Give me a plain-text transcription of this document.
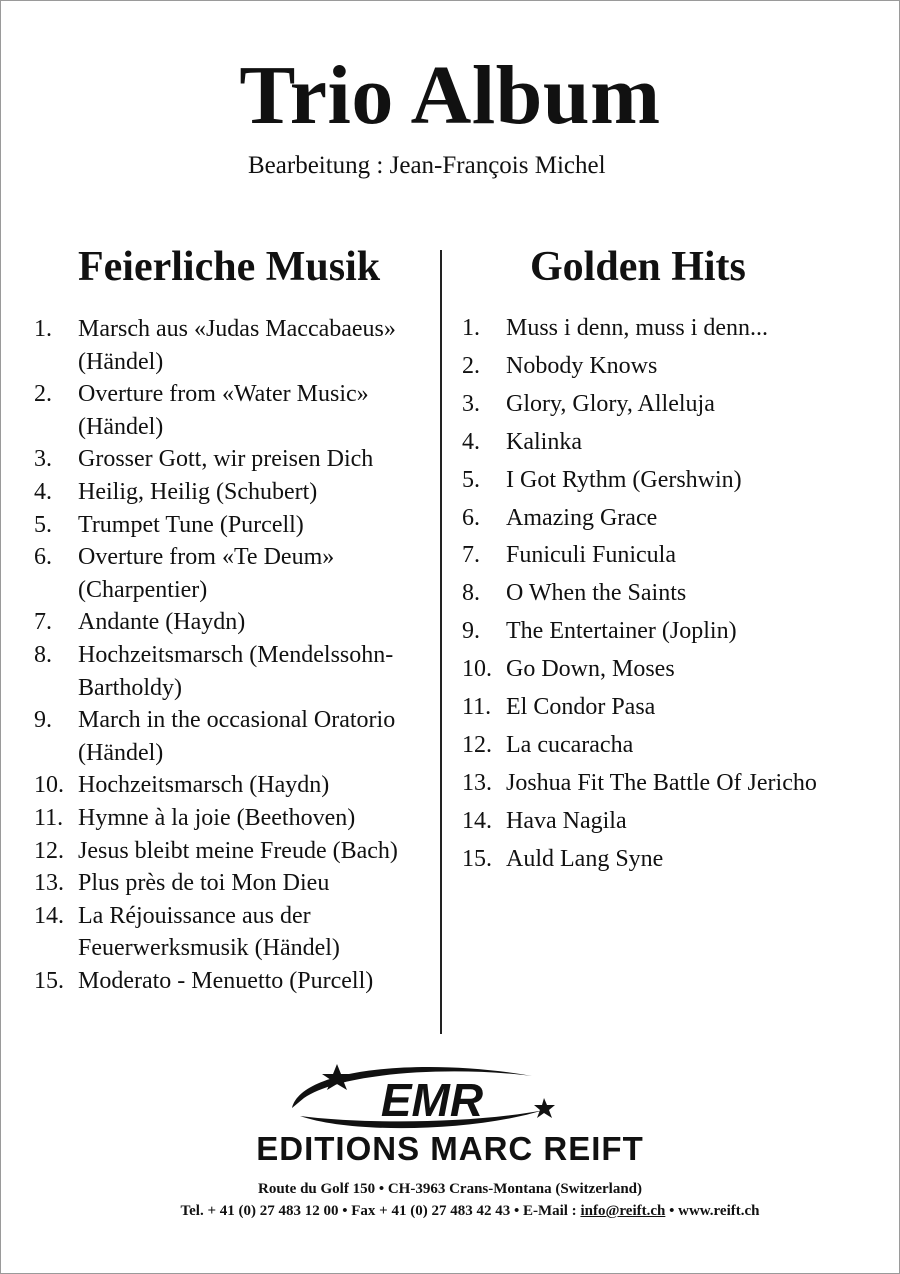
Trio Album
Bearbeitung : Jean-François Michel
Feierliche Musik	Golden Hits
1.	Marsch aus «Judas Maccabaeus» (Händel)
2.	Overture from «Water Music» (Händel)
3.	Grosser Gott, wir preisen Dich
4.	Heilig, Heilig (Schubert)
5.	Trumpet Tune (Purcell)
6.	Overture from «Te Deum» (Charpentier)
7.	Andante (Haydn)
8.	Hochzeitsmarsch (Mendelssohn-Bartholdy)
9.	March in the occasional Oratorio (Händel)
10. Hochzeitsmarsch (Haydn)
11. Hymne à la joie (Beethoven)
12. Jesus bleibt meine Freude (Bach)
13. Plus près de toi Mon Dieu
14. La Réjouissance aus der Feuerwerksmusik (Händel)
15. Moderato - Menuetto (Purcell)
1.	Muss i denn, muss i denn...
2.	Nobody Knows
3.	Glory, Glory, Alleluja
4.	Kalinka
5.	I Got Rythm (Gershwin)
6.	Amazing Grace
7.	Funiculi Funicula
8.	O When the Saints
9.	The Entertainer (Joplin)
10. Go Down, Moses
11. El Condor Pasa
12. La cucaracha
13. Joshua Fit The Battle Of Jericho
14. Hava Nagila
15. Auld Lang Syne
EMR
EDITIONS MARC REIFT
Route du Golf 150 • CH-3963 Crans-Montana (Switzerland)
Tel. + 41 (0) 27 483 12 00 • Fax + 41 (0) 27 483 42 43 • E-Mail : info@reift.ch • www.reift.ch
